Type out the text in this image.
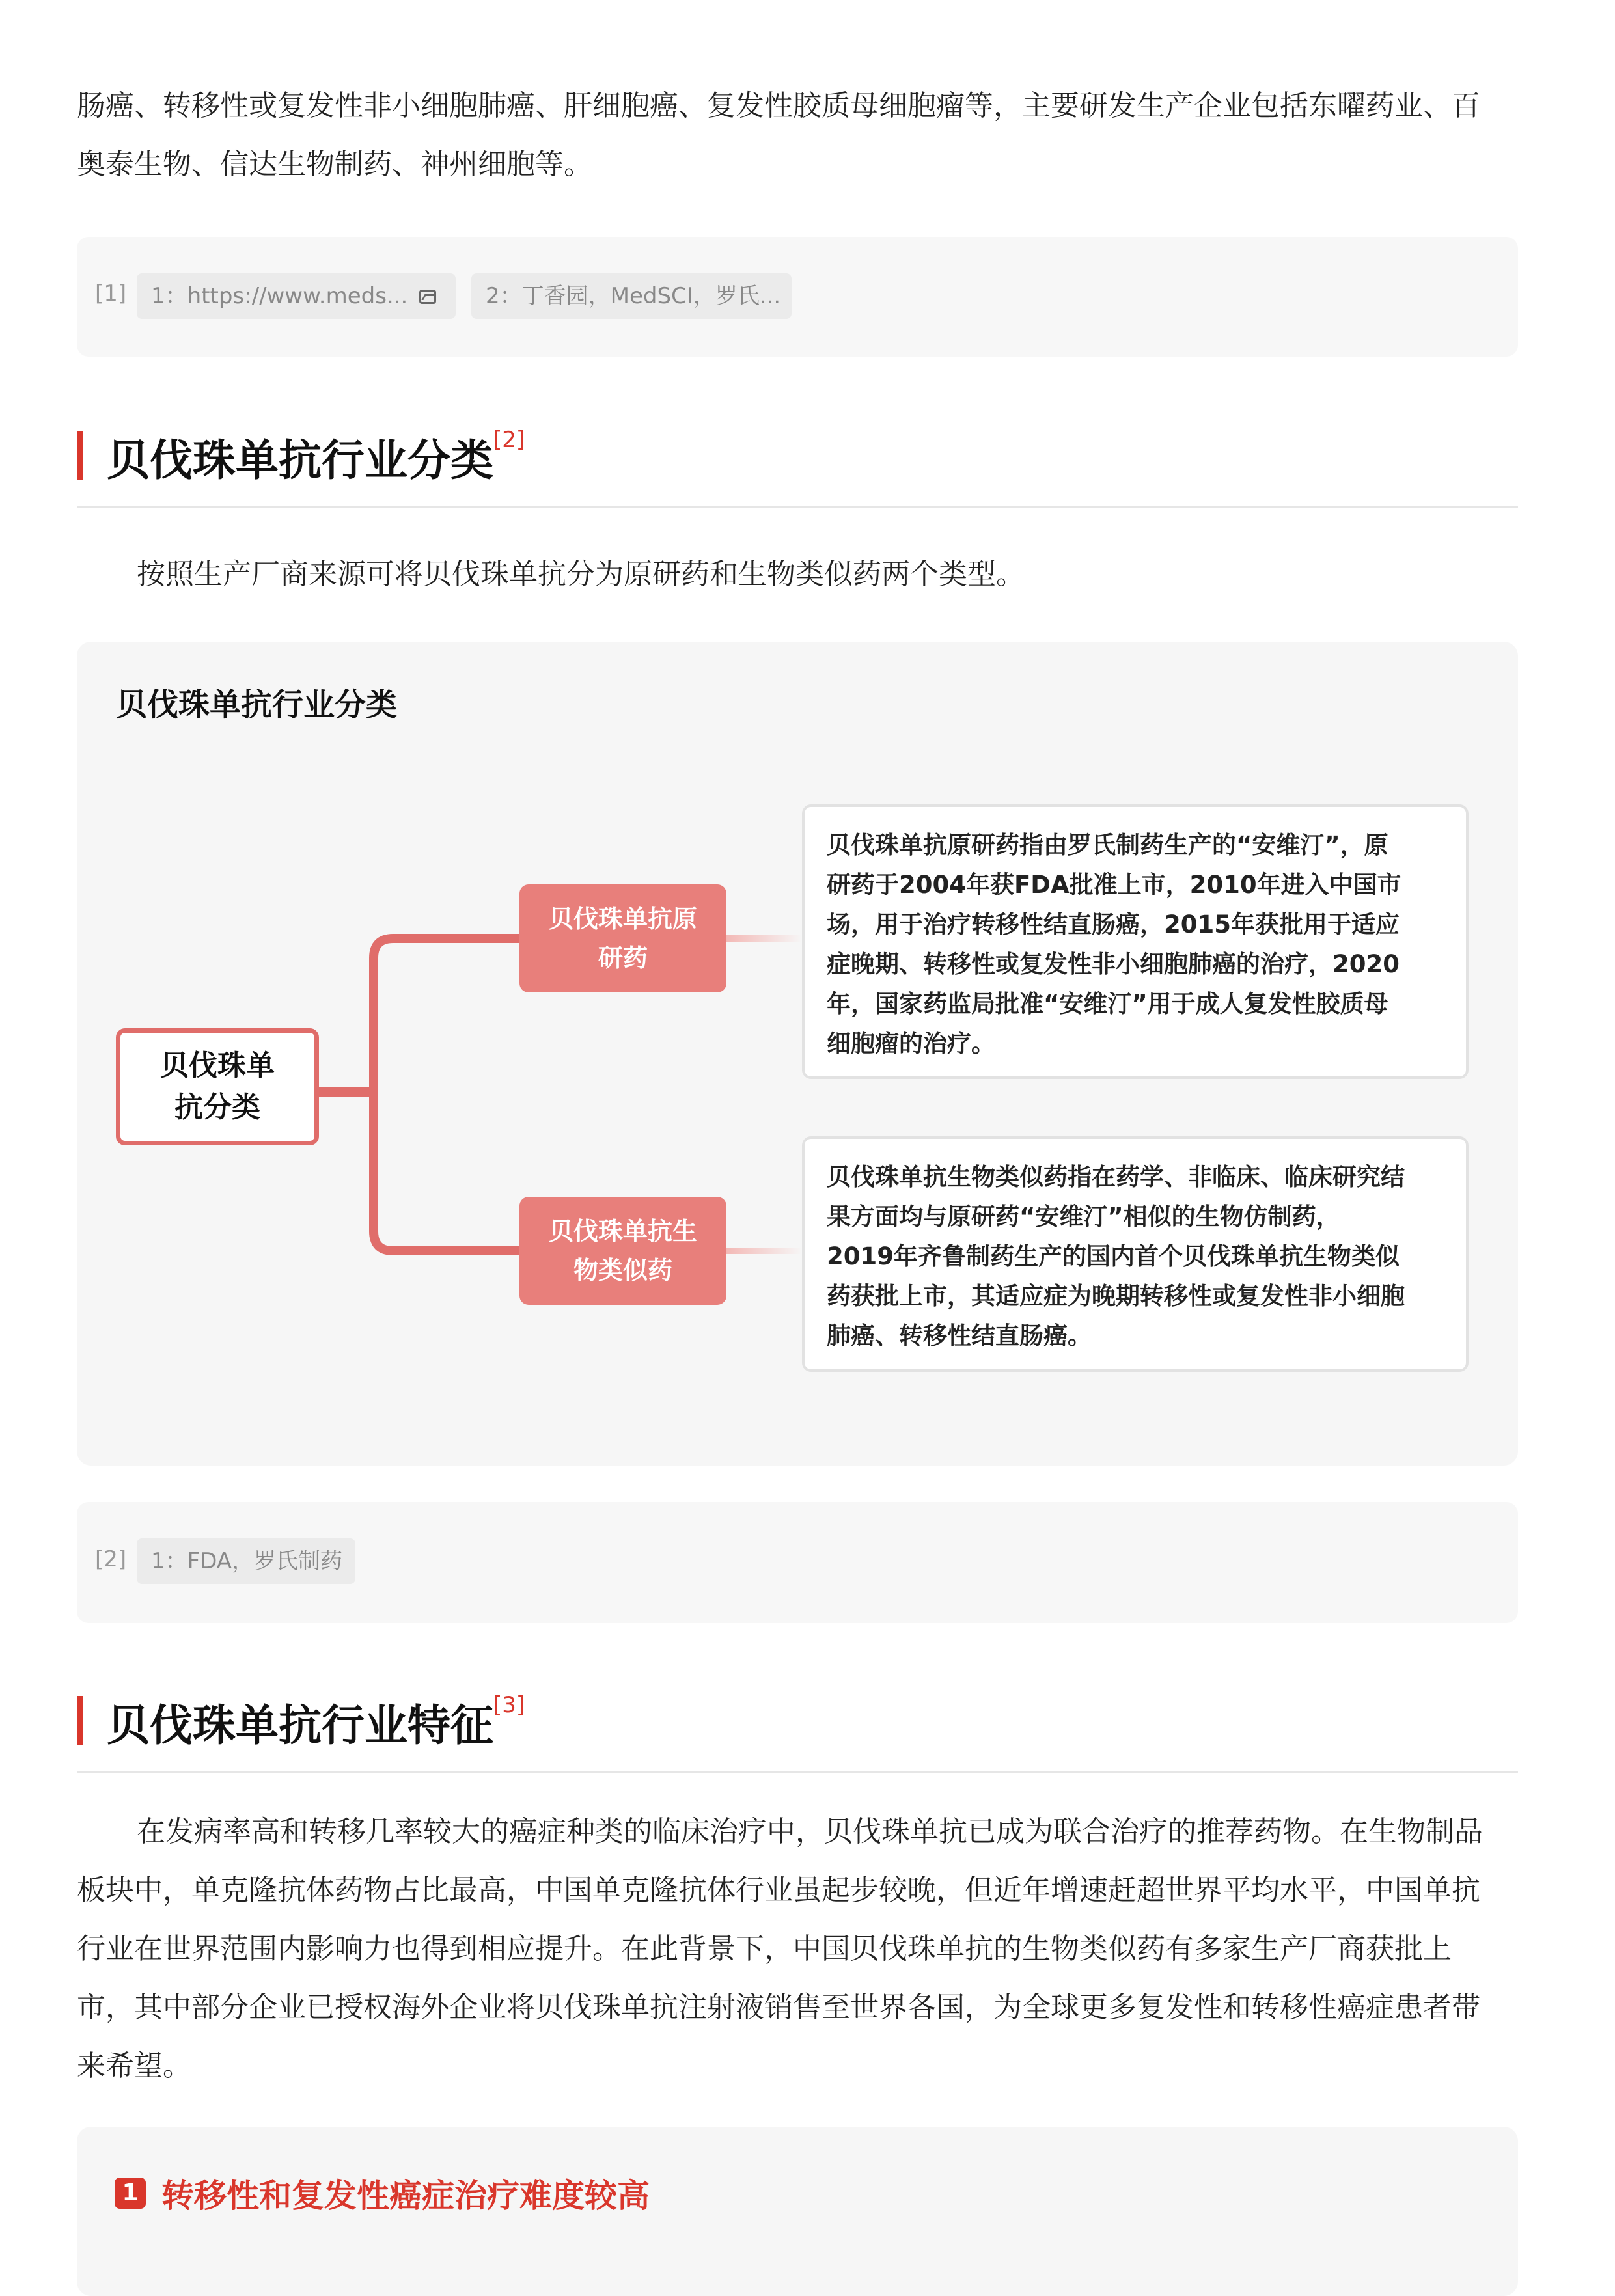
肠癌、转移性或复发性非小细胞肺癌、肝细胞癌、复发性胶质母细胞瘤等，主要研发生产企业包括东曜药业、百
奥泰生物、信达生物制药、神州细胞等。

[1]	1：https://www.meds...	2：丁香园，MedSCI，罗氏...
贝伐珠单抗行业分类[2]

按照生产厂商来源可将贝伐珠单抗分为原研药和生物类似药两个类型。

贝伐珠单抗行业分类
贝伐珠单抗分类
贝伐珠单抗原研药
贝伐珠单抗生物类似药
贝伐珠单抗原研药指由罗氏制药生产的“安维汀”，原
研药于2004年获FDA批准上市，2010年进入中国市
场，用于治疗转移性结直肠癌，2015年获批用于适应
症晚期、转移性或复发性非小细胞肺癌的治疗，2020
年，国家药监局批准“安维汀”用于成人复发性胶质母
细胞瘤的治疗。
贝伐珠单抗生物类似药指在药学、非临床、临床研究结
果方面均与原研药“安维汀”相似的生物仿制药，
2019年齐鲁制药生产的国内首个贝伐珠单抗生物类似
药获批上市，其适应症为晚期转移性或复发性非小细胞
肺癌、转移性结直肠癌。
[2]	1：FDA，罗氏制药
贝伐珠单抗行业特征[3]
在发病率高和转移几率较大的癌症种类的临床治疗中，贝伐珠单抗已成为联合治疗的推荐药物。在生物制品
板块中，单克隆抗体药物占比最高，中国单克隆抗体行业虽起步较晚，但近年增速赶超世界平均水平，中国单抗
行业在世界范围内影响力也得到相应提升。在此背景下，中国贝伐珠单抗的生物类似药有多家生产厂商获批上
市，其中部分企业已授权海外企业将贝伐珠单抗注射液销售至世界各国，为全球更多复发性和转移性癌症患者带
来希望。
1 转移性和复发性癌症治疗难度较高
